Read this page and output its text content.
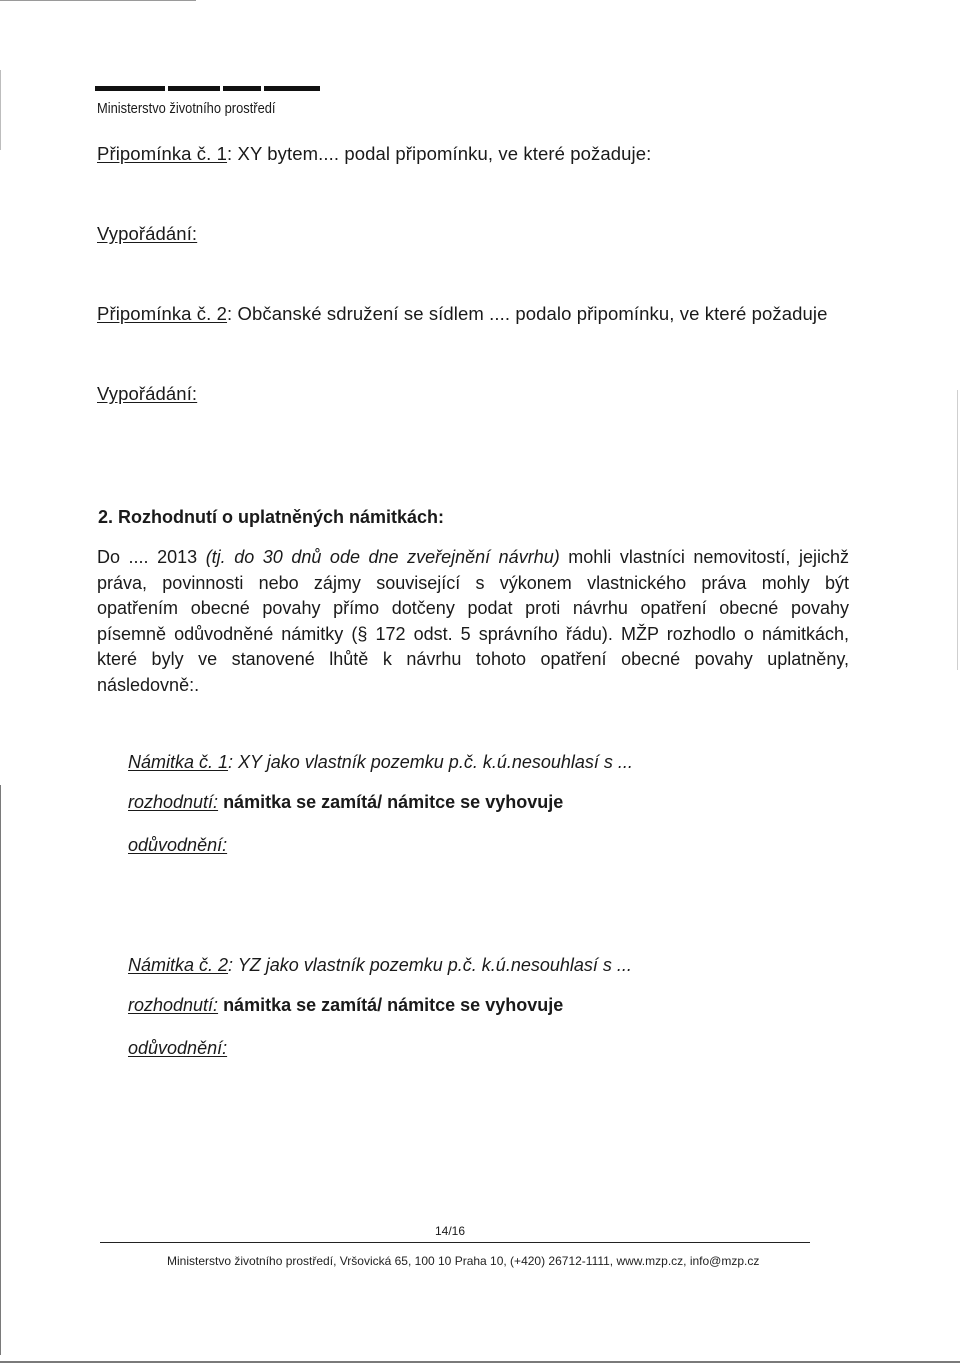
Ministerstvo životního prostředí
Připomínka č. 1: XY bytem.... podal připomínku, ve které požaduje:
Vypořádání:
Připomínka č. 2: Občanské sdružení se sídlem .... podalo připomínku, ve které požaduje
Vypořádání:
2. Rozhodnutí o uplatněných námitkách:
Do .... 2013 (tj. do 30 dnů ode dne zveřejnění návrhu) mohli vlastníci nemovitostí, jejichž
práva, povinnosti nebo zájmy související s výkonem vlastnického práva mohly být
opatřením obecné povahy přímo dotčeny podat proti návrhu opatření obecné povahy
písemně odůvodněné námitky (§ 172 odst. 5 správního řádu). MŽP rozhodlo o námitkách,
které byly ve stanovené lhůtě k návrhu tohoto opatření obecné povahy uplatněny,
následovně:.
Námitka č. 1: XY jako vlastník pozemku p.č. k.ú.nesouhlasí s ...
rozhodnutí: námitka se zamítá/ námitce se vyhovuje
odůvodnění:
Námitka č. 2: YZ jako vlastník pozemku p.č. k.ú.nesouhlasí s ...
rozhodnutí: námitka se zamítá/ námitce se vyhovuje
odůvodnění:
14/16
Ministerstvo životního prostředí, Vršovická 65, 100 10 Praha 10, (+420) 26712-1111, www.mzp.cz, info@mzp.cz
